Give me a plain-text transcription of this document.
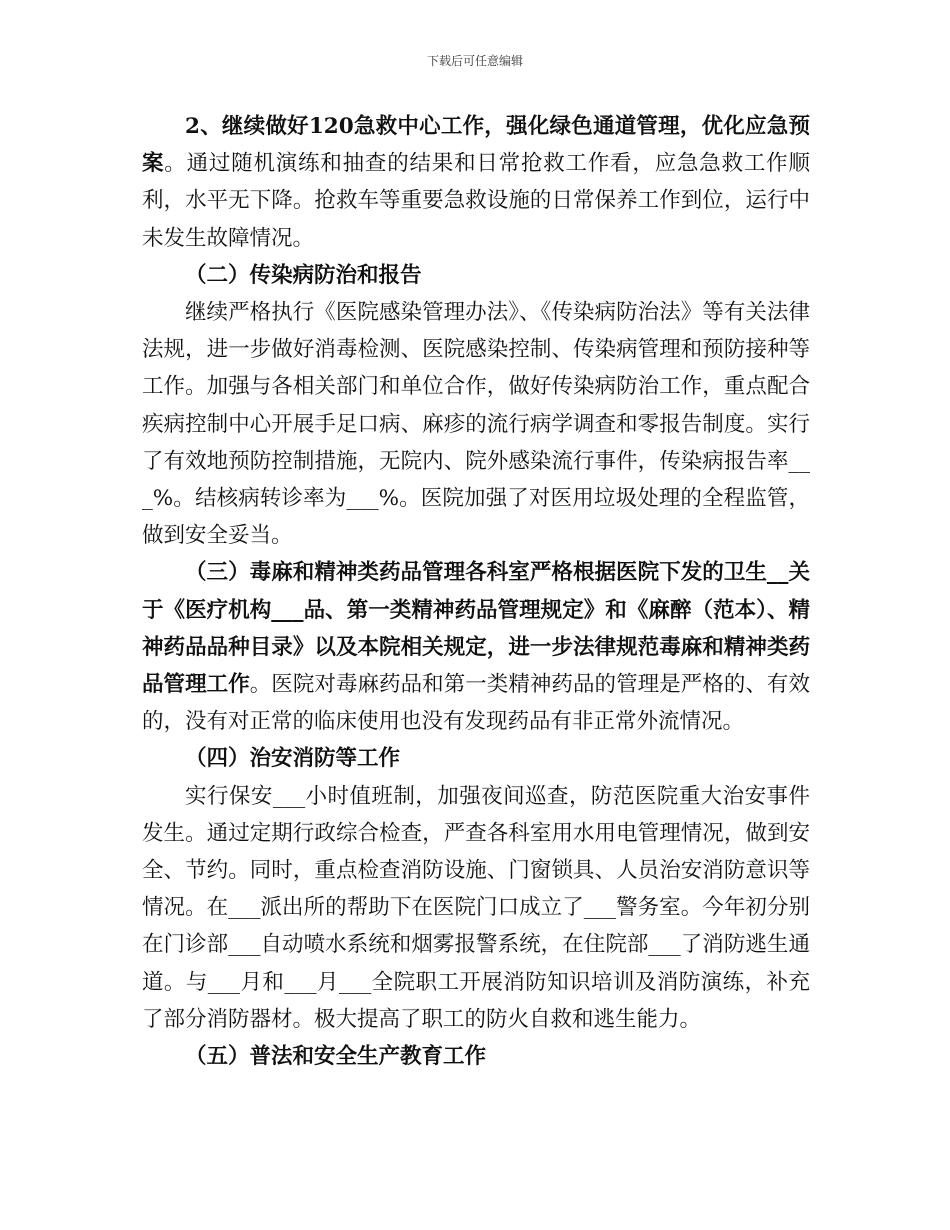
下载后可任意编辑

2、继续做好120急救中心工作，强化绿色通道管理，优化应急预案。通过随机演练和抽查的结果和日常抢救工作看，应急急救工作顺利，水平无下降。抢救车等重要急救设施的日常保养工作到位，运行中未发生故障情况。

（二）传染病防治和报告

继续严格执行《医院感染管理办法》、《传染病防治法》等有关法律法规，进一步做好消毒检测、医院感染控制、传染病管理和预防接种等工作。加强与各相关部门和单位合作，做好传染病防治工作，重点配合疾病控制中心开展手足口病、麻疹的流行病学调查和零报告制度。实行了有效地预防控制措施，无院内、院外感染流行事件，传染病报告率___%。结核病转诊率为___%。医院加强了对医用垃圾处理的全程监管，做到安全妥当。

（三）毒麻和精神类药品管理各科室严格根据医院下发的卫生__关于《医疗机构___品、第一类精神药品管理规定》和《麻醉（范本）、精神药品品种目录》以及本院相关规定，进一步法律规范毒麻和精神类药品管理工作。医院对毒麻药品和第一类精神药品的管理是严格的、有效的，没有对正常的临床使用也没有发现药品有非正常外流情况。

（四）治安消防等工作

实行保安___小时值班制，加强夜间巡查，防范医院重大治安事件发生。通过定期行政综合检查，严查各科室用水用电管理情况，做到安全、节约。同时，重点检查消防设施、门窗锁具、人员治安消防意识等情况。在___派出所的帮助下在医院门口成立了___警务室。今年初分别在门诊部___自动喷水系统和烟雾报警系统，在住院部___了消防逃生通道。与___月和___月___全院职工开展消防知识培训及消防演练，补充了部分消防器材。极大提高了职工的防火自救和逃生能力。

（五）普法和安全生产教育工作
